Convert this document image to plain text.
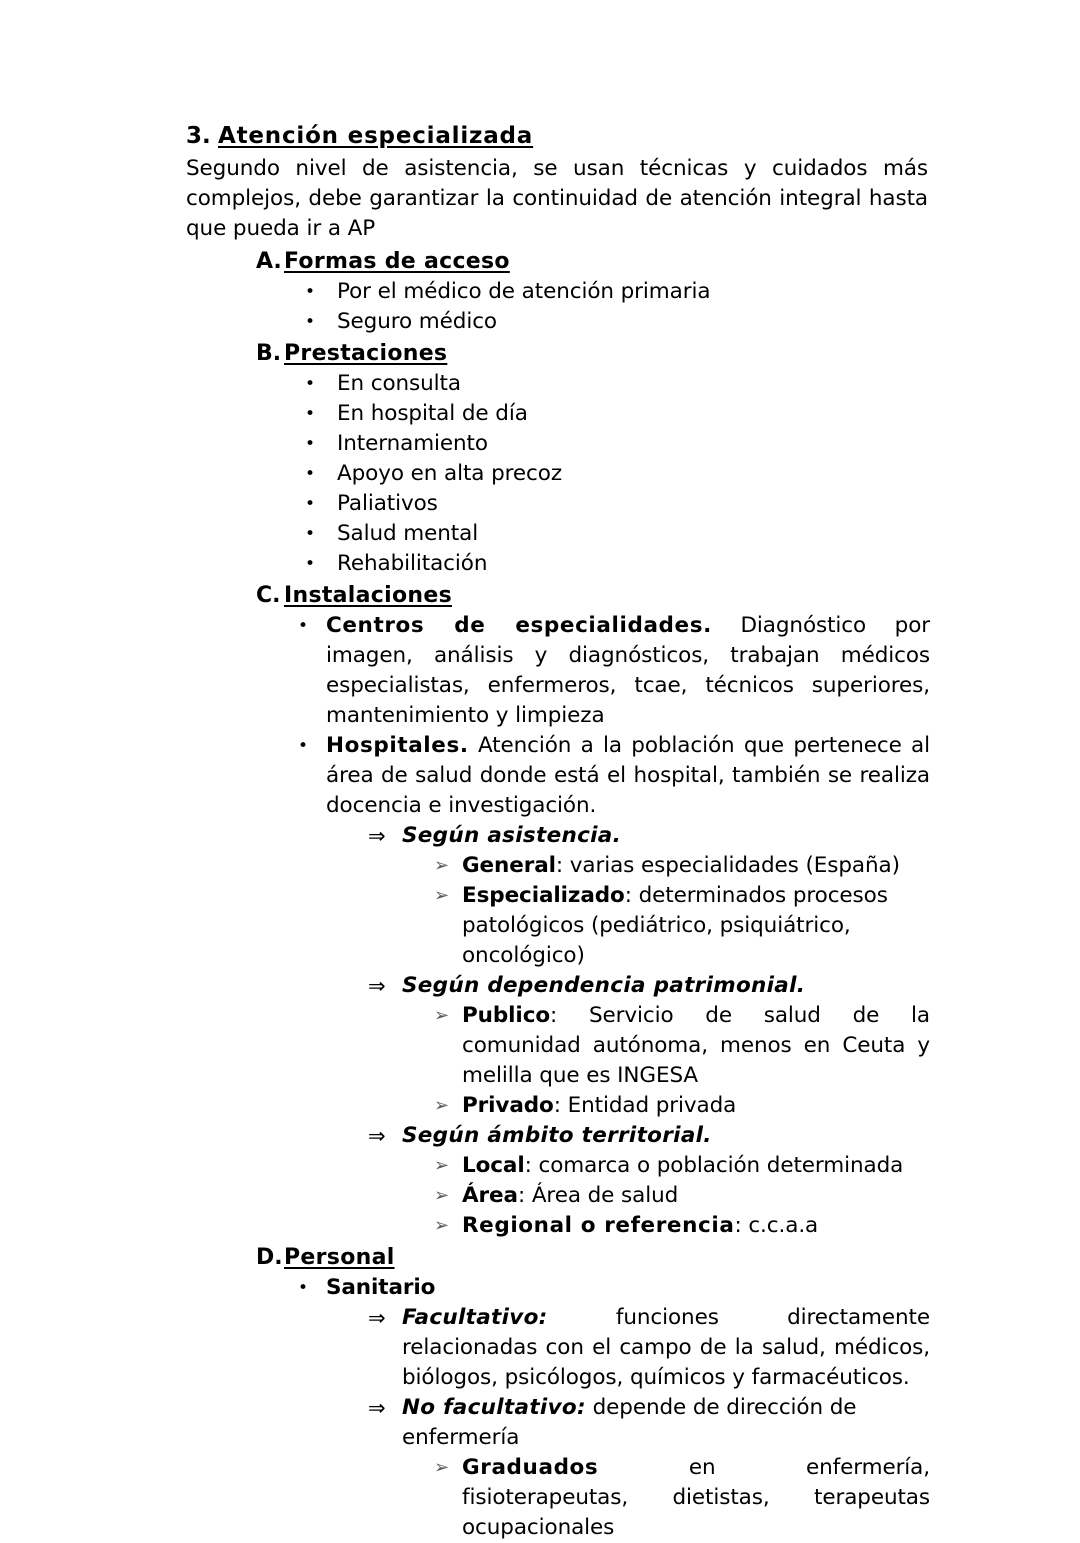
3. Atención especializada

Segundo nivel de asistencia, se usan técnicas y cuidados más complejos, debe garantizar la continuidad de atención integral hasta que pueda ir a AP

A. Formas de acceso
•	Por el médico de atención primaria
•	Seguro médico
B. Prestaciones
•	En consulta
•	En hospital de día
•	Internamiento
•	Apoyo en alta precoz
•	Paliativos
•	Salud mental
•	Rehabilitación
C. Instalaciones
• Centros de especialidades. Diagnóstico por imagen, análisis y diagnósticos, trabajan médicos especialistas, enfermeros, tcae, técnicos superiores, mantenimiento y limpieza
• Hospitales. Atención a la población que pertenece al área de salud donde está el hospital, también se realiza docencia e investigación.
⇒ Según asistencia.
➢ General: varias especialidades (España)
➢ Especializado: determinados procesos patológicos (pediátrico, psiquiátrico, oncológico)
⇒ Según dependencia patrimonial.
➢ Publico: Servicio de salud de la comunidad autónoma, menos en Ceuta y melilla que es INGESA
➢ Privado: Entidad privada
⇒ Según ámbito territorial.
➢ Local: comarca o población determinada
➢ Área: Área de salud
➢ Regional o referencia: c.c.a.a
D. Personal
• Sanitario
⇒ Facultativo:	funciones directamente relacionadas con el campo de la salud, médicos, biólogos, psicólogos, químicos y farmacéuticos.
⇒ No facultativo: depende de dirección de enfermería
➢ Graduados	en enfermería, fisioterapeutas, dietistas, terapeutas ocupacionales
